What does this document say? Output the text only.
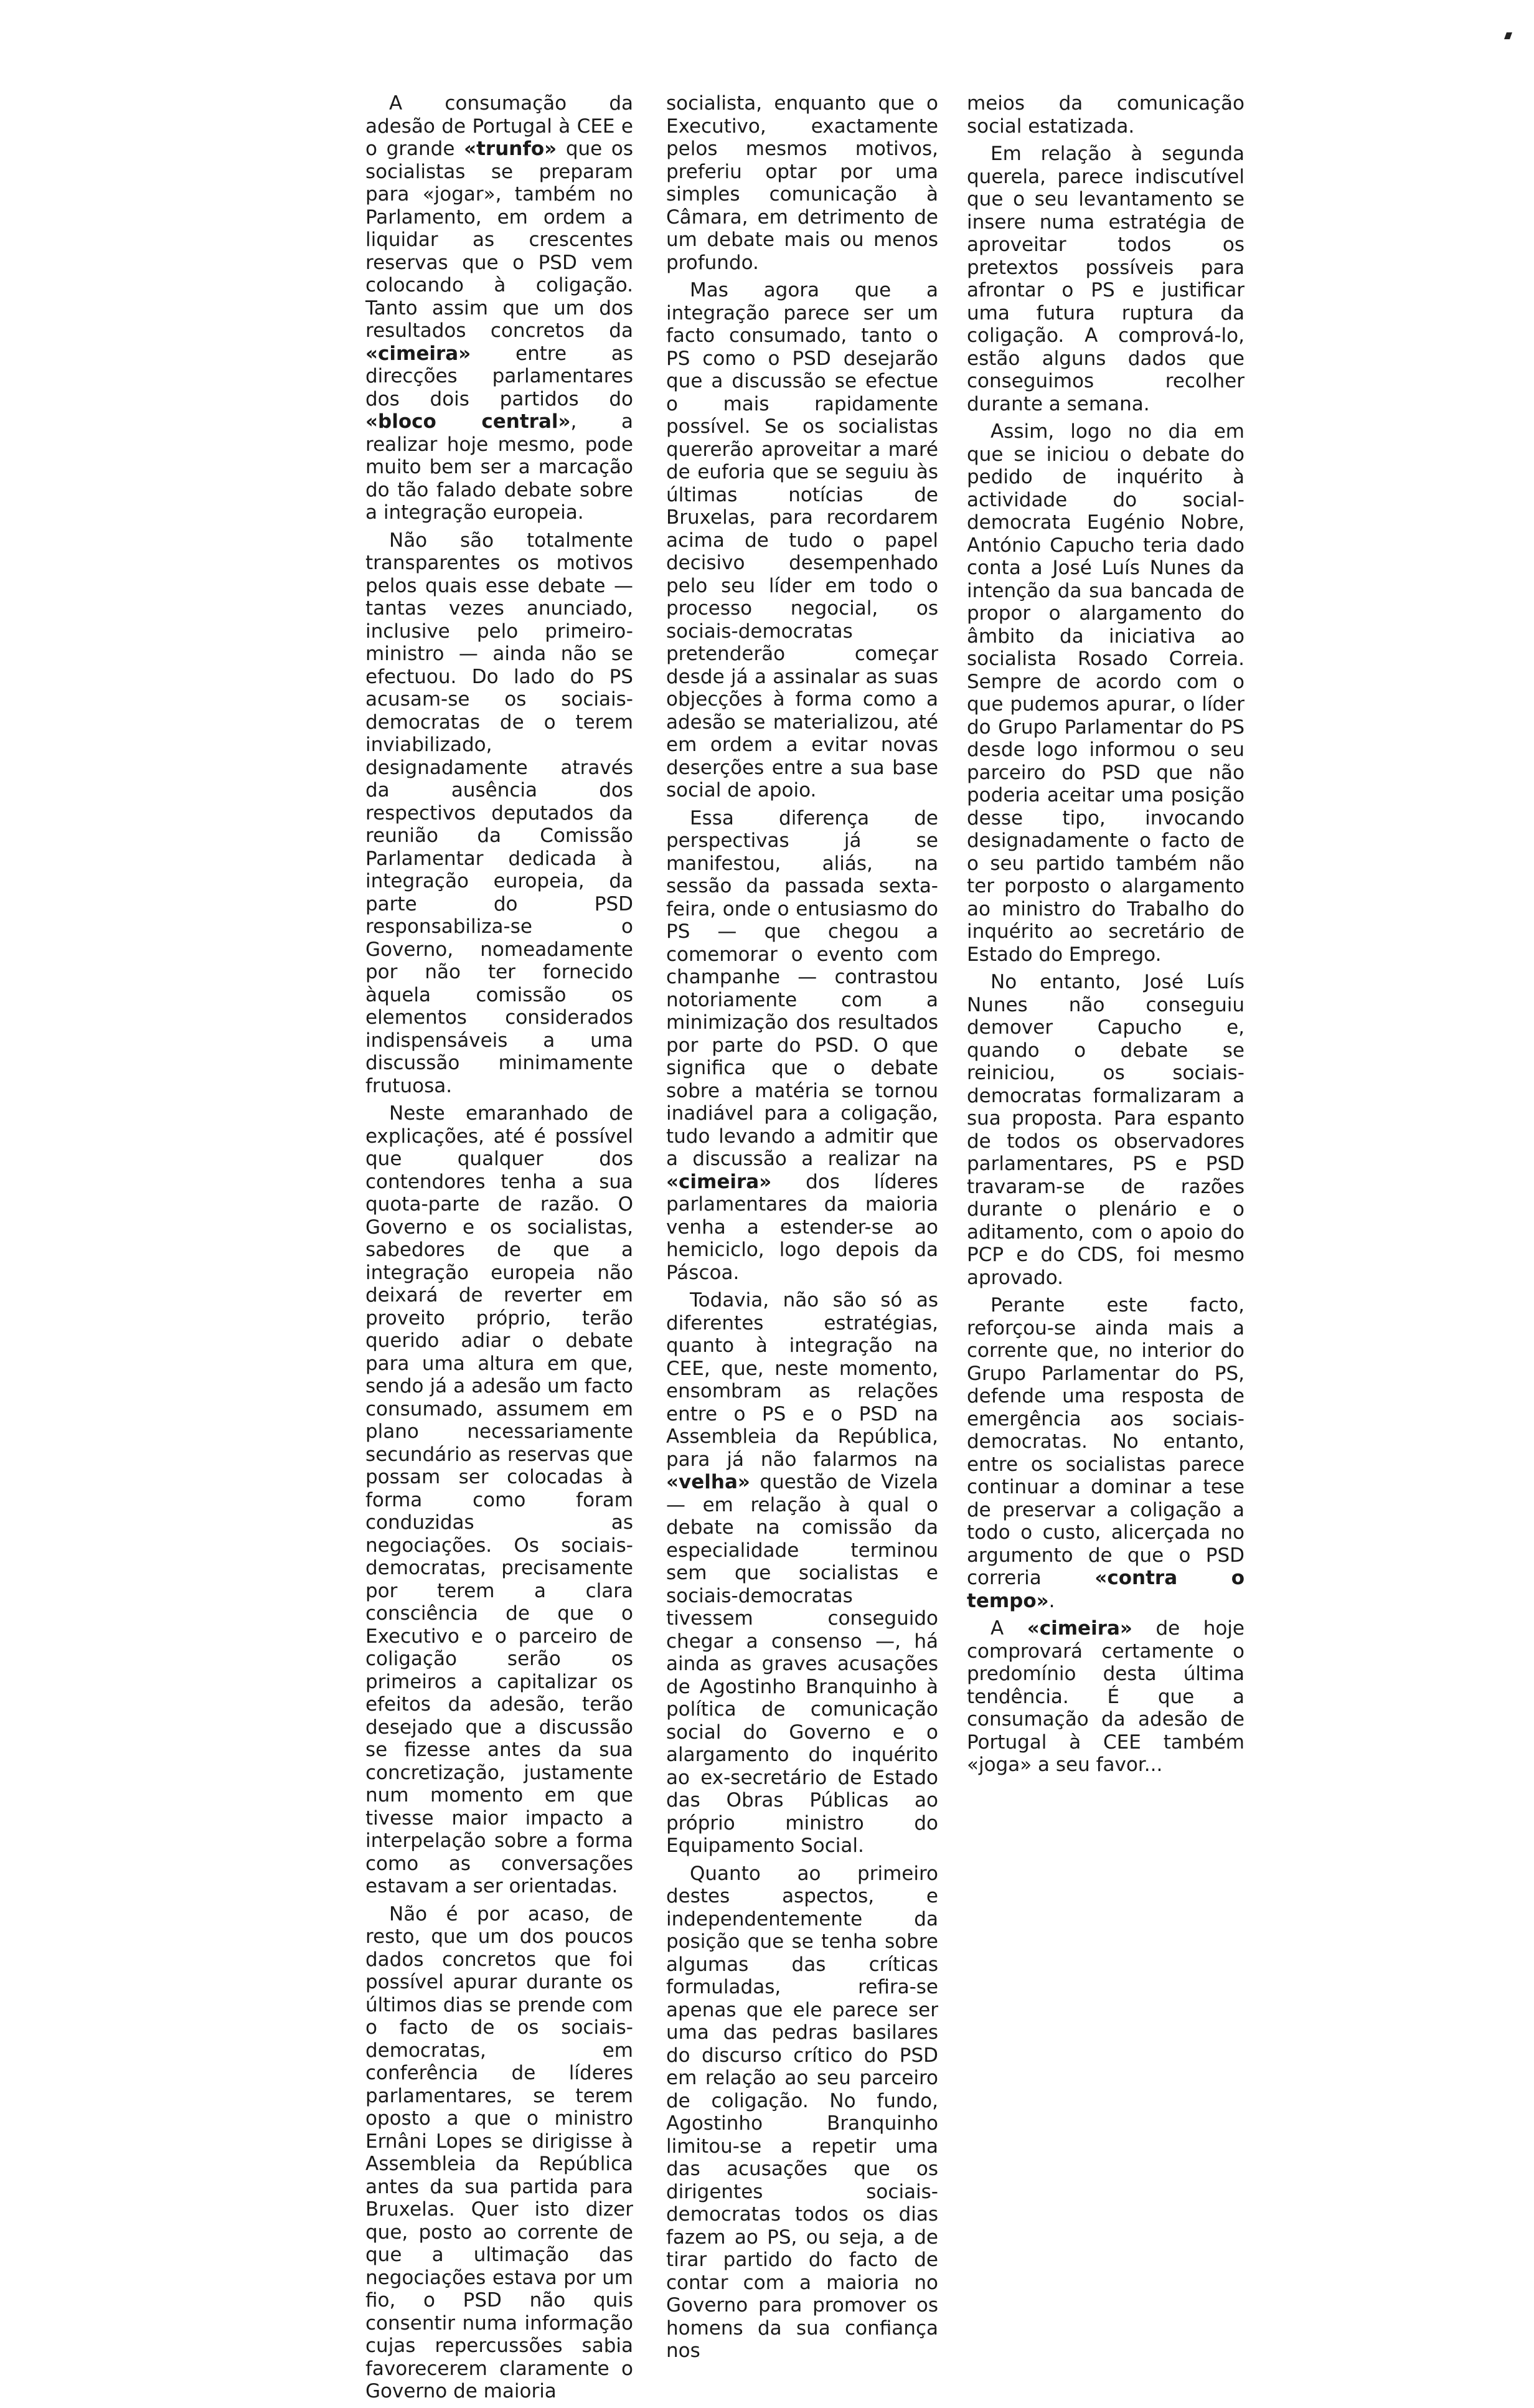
A consumação da adesão de Portugal à CEE e o grande «trunfo» que os socialistas se preparam para «jogar», também no Parlamento, em ordem a liquidar as crescentes reservas que o PSD vem colocando à coligação. Tanto assim que um dos resultados concretos da «cimeira» entre as direcções parlamentares dos dois partidos do «bloco central», a realizar hoje mesmo, pode muito bem ser a marcação do tão falado debate sobre a integração europeia.

Não são totalmente transparentes os motivos pelos quais esse debate — tantas vezes anunciado, inclusive pelo primeiro-ministro — ainda não se efectuou. Do lado do PS acusam-se os sociais-democratas de o terem inviabilizado, designadamente através da ausência dos respectivos deputados da reunião da Comissão Parlamentar dedicada à integração europeia, da parte do PSD responsabiliza-se o Governo, nomeadamente por não ter fornecido àquela comissão os elementos considerados indispensáveis a uma discussão minimamente frutuosa.

Neste emaranhado de explicações, até é possível que qualquer dos contendores tenha a sua quota-parte de razão. O Governo e os socialistas, sabedores de que a integração europeia não deixará de reverter em proveito próprio, terão querido adiar o debate para uma altura em que, sendo já a adesão um facto consumado, assumem em plano necessariamente secundário as reservas que possam ser colocadas à forma como foram conduzidas as negociações. Os sociais-democratas, precisamente por terem a clara consciência de que o Executivo e o parceiro de coligação serão os primeiros a capitalizar os efeitos da adesão, terão desejado que a discussão se fizesse antes da sua concretização, justamente num momento em que tivesse maior impacto a interpelação sobre a forma como as conversações estavam a ser orientadas.

Não é por acaso, de resto, que um dos poucos dados concretos que foi possível apurar durante os últimos dias se prende com o facto de os sociais-democratas, em conferência de líderes parlamentares, se terem oposto a que o ministro Ernâni Lopes se dirigisse à Assembleia da República antes da sua partida para Bruxelas. Quer isto dizer que, posto ao corrente de que a ultimação das negociações estava por um fio, o PSD não quis consentir numa informação cujas repercussões sabia favorecerem claramente o Governo de maioria

socialista, enquanto que o Executivo, exactamente pelos mesmos motivos, preferiu optar por uma simples comunicação à Câmara, em detrimento de um debate mais ou menos profundo.

Mas agora que a integração parece ser um facto consumado, tanto o PS como o PSD desejarão que a discussão se efectue o mais rapidamente possível. Se os socialistas quererão aproveitar a maré de euforia que se seguiu às últimas notícias de Bruxelas, para recordarem acima de tudo o papel decisivo desempenhado pelo seu líder em todo o processo negocial, os sociais-democratas pretenderão começar desde já a assinalar as suas objecções à forma como a adesão se materializou, até em ordem a evitar novas deserções entre a sua base social de apoio.

Essa diferença de perspectivas já se manifestou, aliás, na sessão da passada sexta-feira, onde o entusiasmo do PS — que chegou a comemorar o evento com champanhe — contrastou notoriamente com a minimização dos resultados por parte do PSD. O que significa que o debate sobre a matéria se tornou inadiável para a coligação, tudo levando a admitir que a discussão a realizar na «cimeira» dos líderes parlamentares da maioria venha a estender-se ao hemiciclo, logo depois da Páscoa.

Todavia, não são só as diferentes estratégias, quanto à integração na CEE, que, neste momento, ensombram as relações entre o PS e o PSD na Assembleia da República, para já não falarmos na «velha» questão de Vizela — em relação à qual o debate na comissão da especialidade terminou sem que socialistas e sociais-democratas tivessem conseguido chegar a consenso —, há ainda as graves acusações de Agostinho Branquinho à política de comunicação social do Governo e o alargamento do inquérito ao ex-secretário de Estado das Obras Públicas ao próprio ministro do Equipamento Social.

Quanto ao primeiro destes aspectos, e independentemente da posição que se tenha sobre algumas das críticas formuladas, refira-se apenas que ele parece ser uma das pedras basilares do discurso crítico do PSD em relação ao seu parceiro de coligação. No fundo, Agostinho Branquinho limitou-se a repetir uma das acusações que os dirigentes sociais-democratas todos os dias fazem ao PS, ou seja, a de tirar partido do facto de contar com a maioria no Governo para promover os homens da sua confiança nos

meios da comunicação social estatizada.

Em relação à segunda querela, parece indiscutível que o seu levantamento se insere numa estratégia de aproveitar todos os pretextos possíveis para afrontar o PS e justificar uma futura ruptura da coligação. A comprová-lo, estão alguns dados que conseguimos recolher durante a semana.

Assim, logo no dia em que se iniciou o debate do pedido de inquérito à actividade do social-democrata Eugénio Nobre, António Capucho teria dado conta a José Luís Nunes da intenção da sua bancada de propor o alargamento do âmbito da iniciativa ao socialista Rosado Correia. Sempre de acordo com o que pudemos apurar, o líder do Grupo Parlamentar do PS desde logo informou o seu parceiro do PSD que não poderia aceitar uma posição desse tipo, invocando designadamente o facto de o seu partido também não ter porposto o alargamento ao ministro do Trabalho do inquérito ao secretário de Estado do Emprego.

No entanto, José Luís Nunes não conseguiu demover Capucho e, quando o debate se reiniciou, os sociais-democratas formalizaram a sua proposta. Para espanto de todos os observadores parlamentares, PS e PSD travaram-se de razões durante o plenário e o aditamento, com o apoio do PCP e do CDS, foi mesmo aprovado.

Perante este facto, reforçou-se ainda mais a corrente que, no interior do Grupo Parlamentar do PS, defende uma resposta de emergência aos sociais-democratas. No entanto, entre os socialistas parece continuar a dominar a tese de preservar a coligação a todo o custo, alicerçada no argumento de que o PSD correria «contra o tempo».

A «cimeira» de hoje comprovará certamente o predomínio desta última tendência. É que a consumação da adesão de Portugal à CEE também «joga» a seu favor...
